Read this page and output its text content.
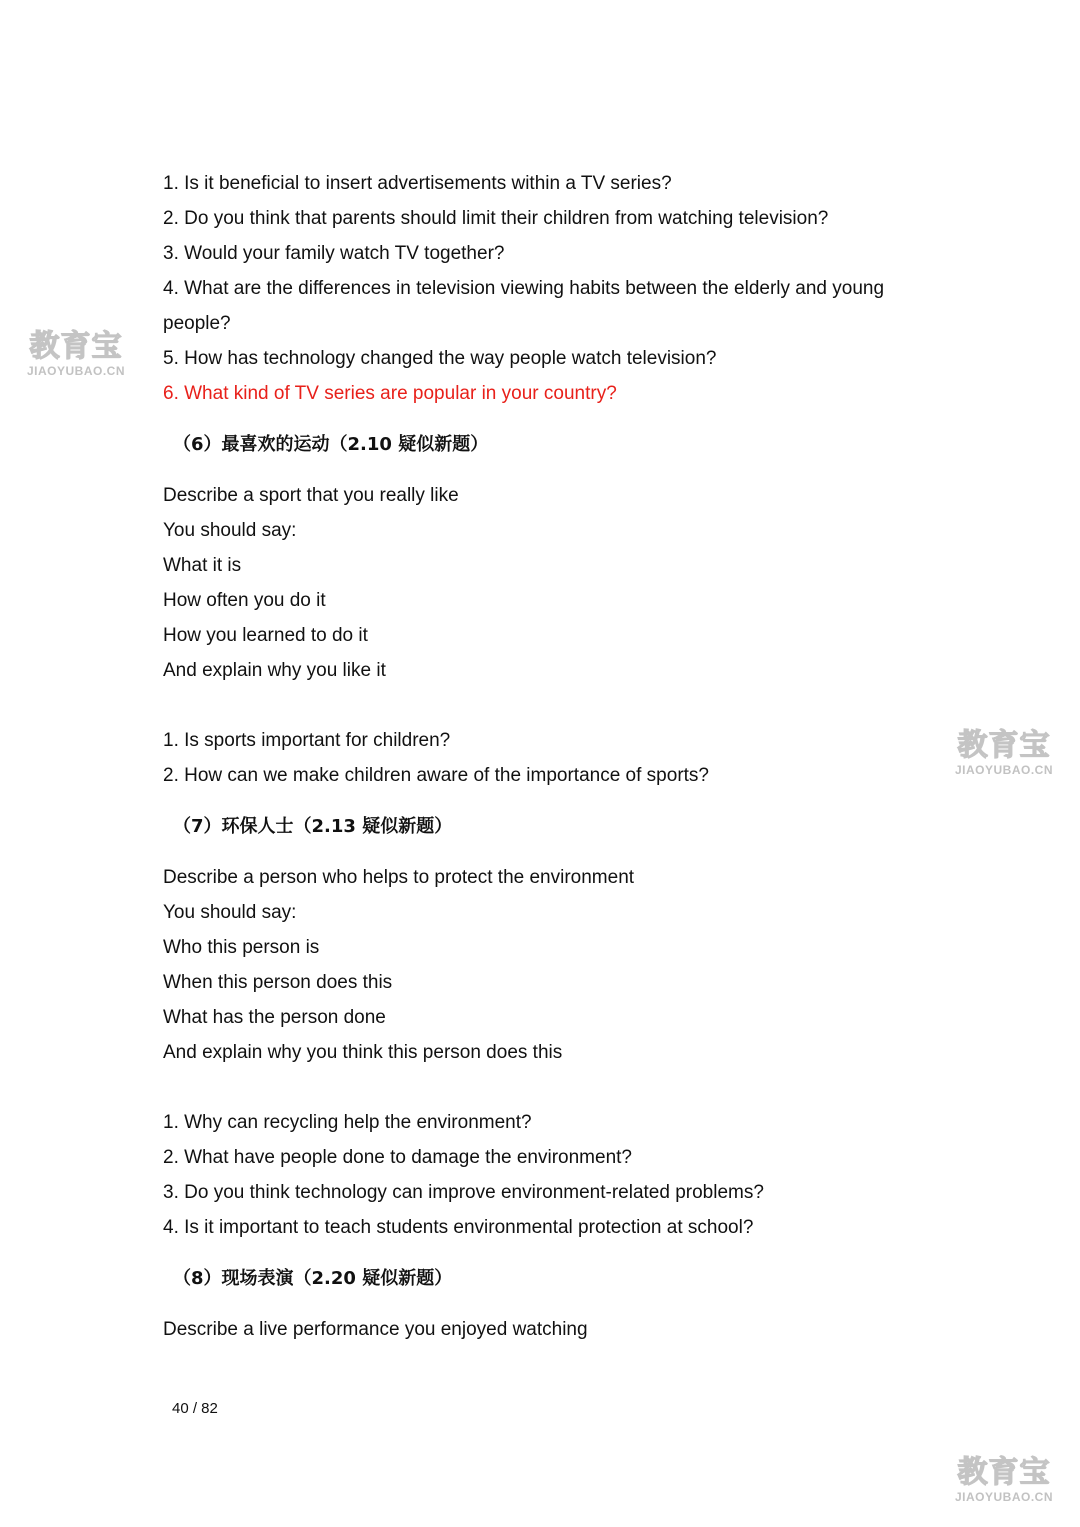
1. Is it beneficial to insert advertisements within a TV series?
2. Do you think that parents should limit their children from watching television?
3. Would your family watch TV together?
4. What are the differences in television viewing habits between the elderly and young
people?
5. How has technology changed the way people watch television?
6. What kind of TV series are popular in your country?
（6）最喜欢的运动（2.10 疑似新题）
Describe a sport that you really like
You should say:
What it is
How often you do it
How you learned to do it
And explain why you like it
1. Is sports important for children?
2. How can we make children aware of the importance of sports?
（7）环保人士（2.13 疑似新题）
Describe a person who helps to protect the environment
You should say:
Who this person is
When this person does this
What has the person done
And explain why you think this person does this
1. Why can recycling help the environment?
2. What have people done to damage the environment?
3. Do you think technology can improve environment-related problems?
4. Is it important to teach students environmental protection at school?
（8）现场表演（2.20 疑似新题）
Describe a live performance you enjoyed watching
40 / 82
教育宝
JIAOYUBAO.CN
教育宝
JIAOYUBAO.CN
教育宝
JIAOYUBAO.CN
